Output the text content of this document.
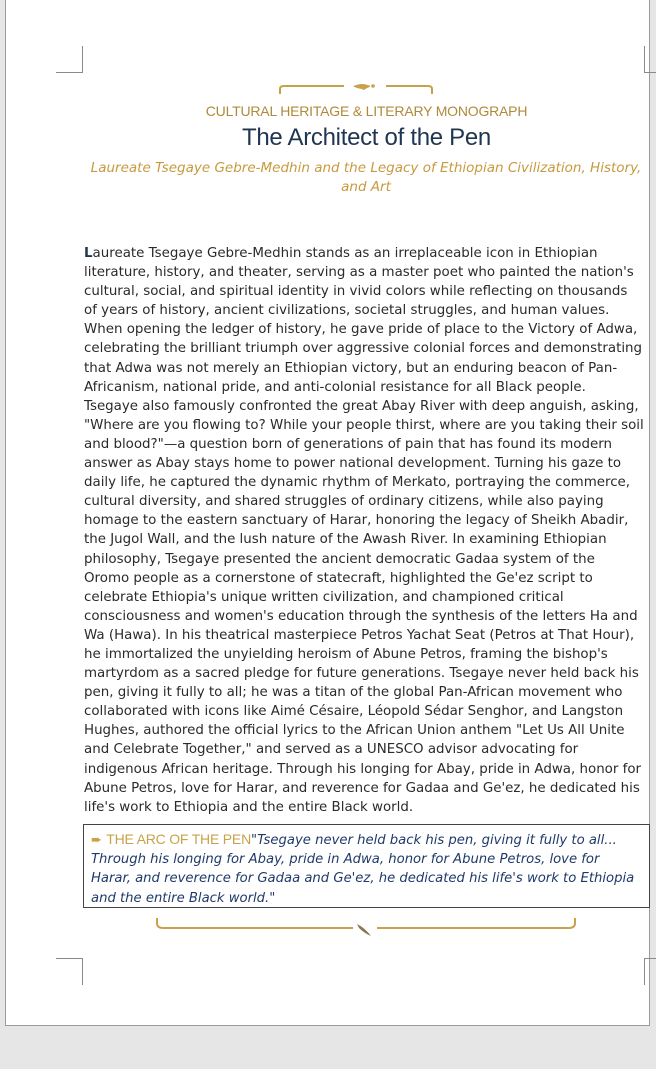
CULTURAL HERITAGE & LITERARY MONOGRAPH
The Architect of the Pen
Laureate Tsegaye Gebre-Medhin and the Legacy of Ethiopian Civilization, History, and Art

Laureate Tsegaye Gebre-Medhin stands as an irreplaceable icon in Ethiopian literature, history, and theater, serving as a master poet who painted the nation's cultural, social, and spiritual identity in vivid colors while reflecting on thousands of years of history, ancient civilizations, societal struggles, and human values. When opening the ledger of history, he gave pride of place to the Victory of Adwa, celebrating the brilliant triumph over aggressive colonial forces and demonstrating that Adwa was not merely an Ethiopian victory, but an enduring beacon of Pan-Africanism, national pride, and anti-colonial resistance for all Black people. Tsegaye also famously confronted the great Abay River with deep anguish, asking, "Where are you flowing to? While your people thirst, where are you taking their soil and blood?"—a question born of generations of pain that has found its modern answer as Abay stays home to power national development. Turning his gaze to daily life, he captured the dynamic rhythm of Merkato, portraying the commerce, cultural diversity, and shared struggles of ordinary citizens, while also paying homage to the eastern sanctuary of Harar, honoring the legacy of Sheikh Abadir, the Jugol Wall, and the lush nature of the Awash River. In examining Ethiopian philosophy, Tsegaye presented the ancient democratic Gadaa system of the Oromo people as a cornerstone of statecraft, highlighted the Ge'ez script to celebrate Ethiopia's unique written civilization, and championed critical consciousness and women's education through the synthesis of the letters Ha and Wa (Hawa). In his theatrical masterpiece Petros Yachat Seat (Petros at That Hour), he immortalized the unyielding heroism of Abune Petros, framing the bishop's martyrdom as a sacred pledge for future generations. Tsegaye never held back his pen, giving it fully to all; he was a titan of the global Pan-African movement who collaborated with icons like Aimé Césaire, Léopold Sédar Senghor, and Langston Hughes, authored the official lyrics to the African Union anthem "Let Us All Unite and Celebrate Together," and served as a UNESCO advisor advocating for indigenous African heritage. Through his longing for Abay, pride in Adwa, honor for Abune Petros, love for Harar, and reverence for Gadaa and Ge'ez, he dedicated his life's work to Ethiopia and the entire Black world.

➨ THE ARC OF THE PEN"Tsegaye never held back his pen, giving it fully to all... Through his longing for Abay, pride in Adwa, honor for Abune Petros, love for Harar, and reverence for Gadaa and Ge'ez, he dedicated his life's work to Ethiopia and the entire Black world."
